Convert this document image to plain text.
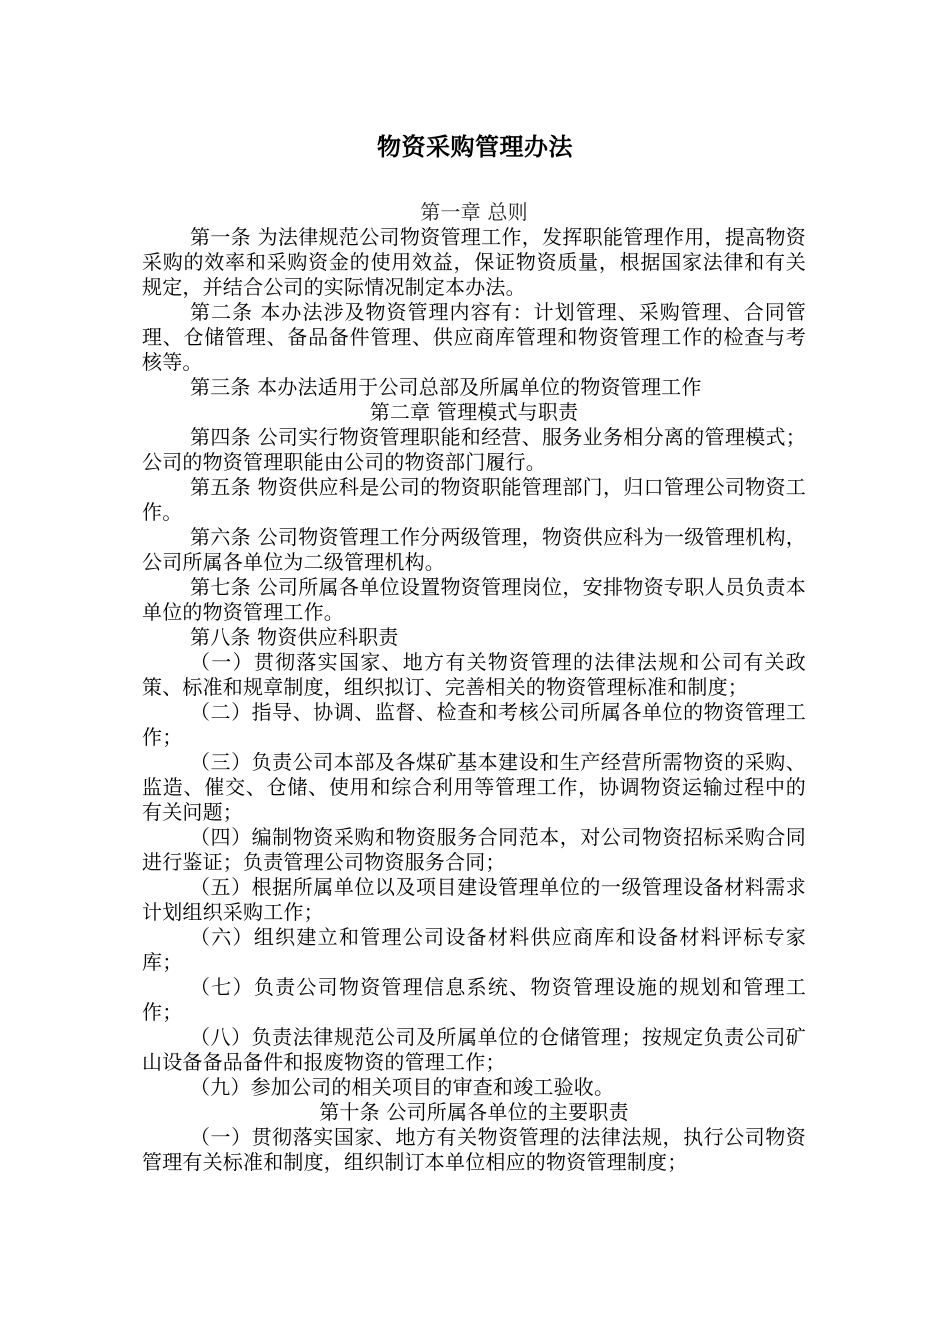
物资采购管理办法

第一章 总则

第一条 为法律规范公司物资管理工作，发挥职能管理作用，提高物资采购的效率和采购资金的使用效益，保证物资质量，根据国家法律和有关规定，并结合公司的实际情况制定本办法。

第二条 本办法涉及物资管理内容有：计划管理、采购管理、合同管理、仓储管理、备品备件管理、供应商库管理和物资管理工作的检查与考核等。

第三条 本办法适用于公司总部及所属单位的物资管理工作

第二章 管理模式与职责

第四条 公司实行物资管理职能和经营、服务业务相分离的管理模式；公司的物资管理职能由公司的物资部门履行。

第五条 物资供应科是公司的物资职能管理部门，归口管理公司物资工作。

第六条 公司物资管理工作分两级管理，物资供应科为一级管理机构，公司所属各单位为二级管理机构。

第七条 公司所属各单位设置物资管理岗位，安排物资专职人员负责本单位的物资管理工作。

第八条 物资供应科职责

（一）贯彻落实国家、地方有关物资管理的法律法规和公司有关政策、标准和规章制度，组织拟订、完善相关的物资管理标准和制度；

（二）指导、协调、监督、检查和考核公司所属各单位的物资管理工作；

（三）负责公司本部及各煤矿基本建设和生产经营所需物资的采购、监造、催交、仓储、使用和综合利用等管理工作，协调物资运输过程中的有关问题；

（四）编制物资采购和物资服务合同范本，对公司物资招标采购合同进行鉴证；负责管理公司物资服务合同；

（五）根据所属单位以及项目建设管理单位的一级管理设备材料需求计划组织采购工作；

（六）组织建立和管理公司设备材料供应商库和设备材料评标专家库；

（七）负责公司物资管理信息系统、物资管理设施的规划和管理工作；

（八）负责法律规范公司及所属单位的仓储管理；按规定负责公司矿山设备备品备件和报废物资的管理工作；

（九）参加公司的相关项目的审查和竣工验收。

第十条 公司所属各单位的主要职责

（一）贯彻落实国家、地方有关物资管理的法律法规，执行公司物资管理有关标准和制度，组织制订本单位相应的物资管理制度；
